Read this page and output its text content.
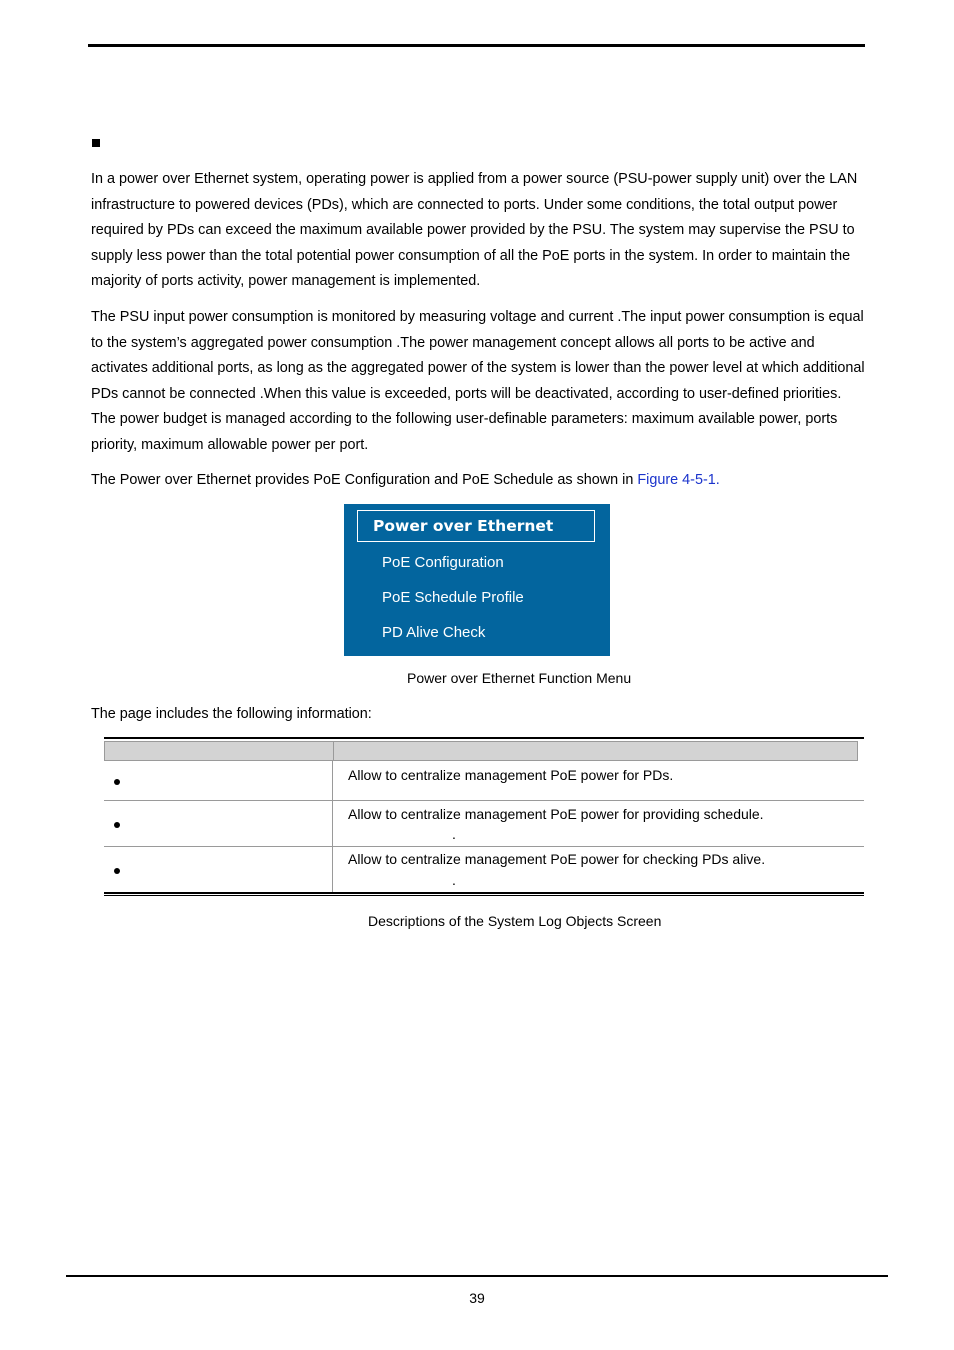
In a power over Ethernet system, operating power is applied from a power source (PSU-power supply unit) over the LAN infrastructure to powered devices (PDs), which are connected to ports. Under some conditions, the total output power required by PDs can exceed the maximum available power provided by the PSU. The system may supervise the PSU to supply less power than the total potential power consumption of all the PoE ports in the system. In order to maintain the majority of ports activity, power management is implemented.

The PSU input power consumption is monitored by measuring voltage and current .The input power consumption is equal to the system’s aggregated power consumption .The power management concept allows all ports to be active and activates additional ports, as long as the aggregated power of the system is lower than the power level at which additional PDs cannot be connected .When this value is exceeded, ports will be deactivated, according to user-defined priorities. The power budget is managed according to the following user-definable parameters: maximum available power, ports priority, maximum allowable power per port.

The Power over Ethernet provides PoE Configuration and PoE Schedule as shown in Figure 4-5-1.

Power over Ethernet
PoE Configuration
PoE Schedule Profile
PD Alive Check
Power over Ethernet Function Menu

The page includes the following information:

Allow to centralize management PoE power for PDs.
Allow to centralize management PoE power for providing schedule.
.
Allow to centralize management PoE power for checking PDs alive.
.
Descriptions of the System Log Objects Screen
39
